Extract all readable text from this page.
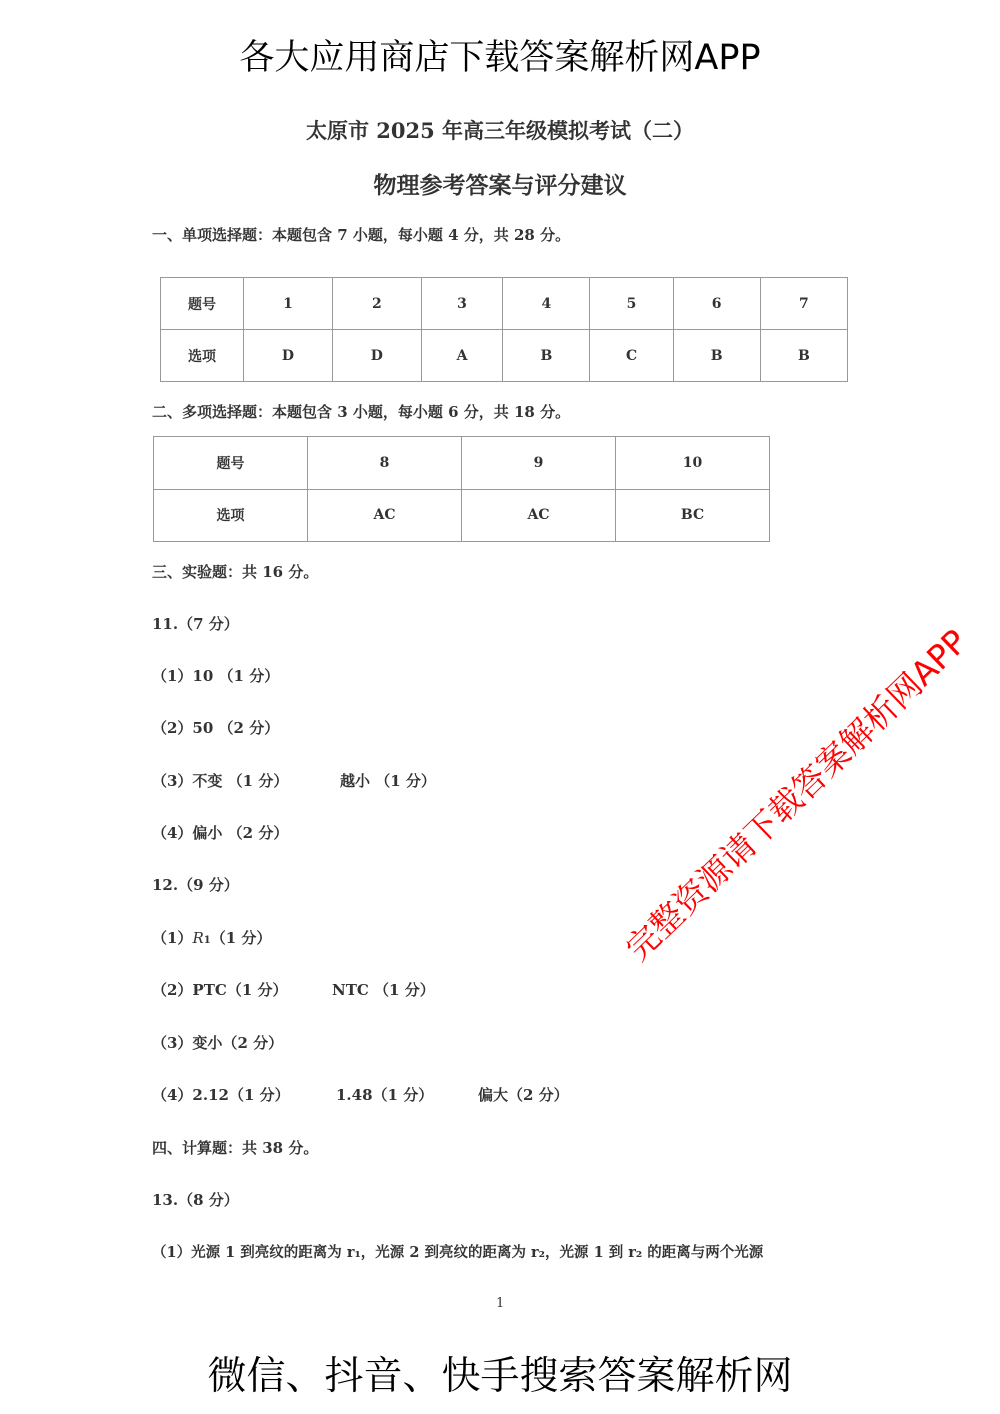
太原市 2025 年高三年级模拟考试（二）
物理参考答案与评分建议
一、单项选择题：本题包含 7 小题，每小题 4 分，共 28 分。
题号	1	2	3	4	5	6	7
选项	D	D	A	B	C	B	B
二、多项选择题：本题包含 3 小题，每小题 6 分，共 18 分。
题号	8	9	10
选项	AC	AC	BC
三、实验题：共 16 分。
11.（7 分）
（1）10 （1 分）
（2）50 （2 分）
（3）不变 （1 分）	越小 （1 分）
（4）偏小 （2 分）
12.（9 分）
（1）R1（1 分）
（2）PTC（1 分）	NTC （1 分）
（3）变小（2 分）
（4）2.12（1 分）	1.48（1 分）	偏大（2 分）
四、计算题：共 38 分。
13.（8 分）
（1）光源 1 到亮纹的距离为 r₁，光源 2 到亮纹的距离为 r₂，光源 1 到 r₂ 的距离与两个光源
1
各大应用商店下载答案解析网APP
完整资源请下载答案解析网APP
微信、抖音、快手搜索答案解析网
